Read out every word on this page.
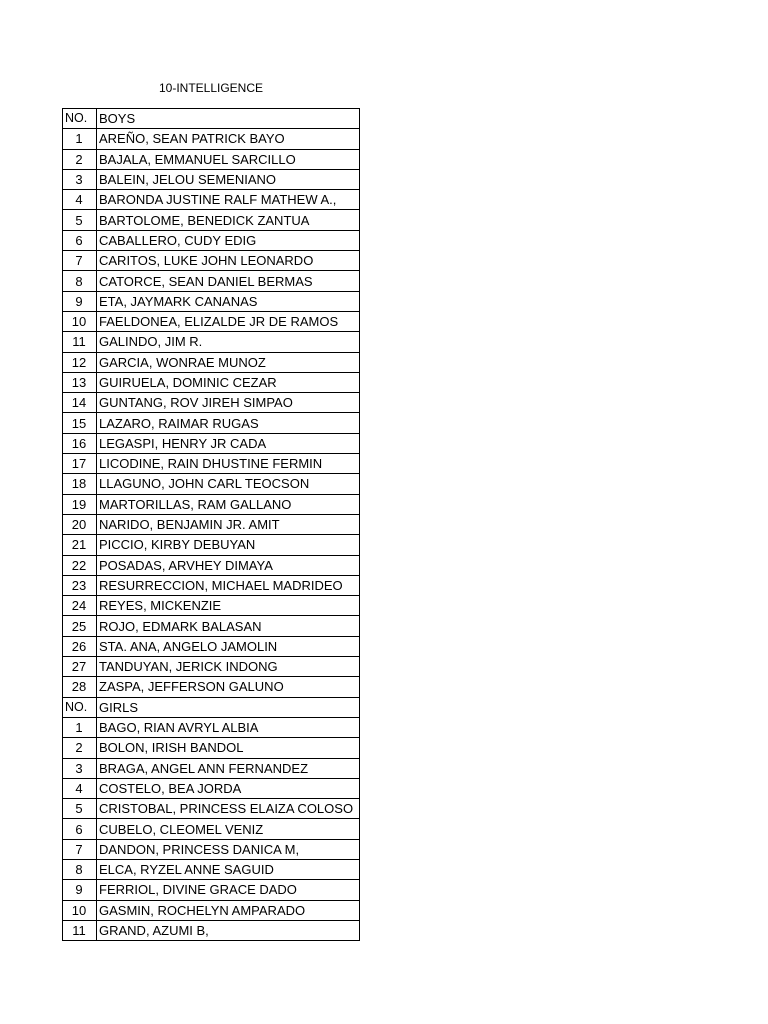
10-INTELLIGENCE
NO.	BOYS
1	AREÑO, SEAN PATRICK BAYO
2	BAJALA, EMMANUEL SARCILLO
3	BALEIN, JELOU SEMENIANO
4	BARONDA JUSTINE RALF MATHEW A.,
5	BARTOLOME, BENEDICK ZANTUA
6	CABALLERO, CUDY EDIG
7	CARITOS, LUKE JOHN LEONARDO
8	CATORCE, SEAN DANIEL BERMAS
9	ETA, JAYMARK CANANAS
10	FAELDONEA, ELIZALDE JR DE RAMOS
11	GALINDO, JIM R.
12	GARCIA, WONRAE MUNOZ
13	GUIRUELA, DOMINIC CEZAR
14	GUNTANG, ROV JIREH SIMPAO
15	LAZARO, RAIMAR RUGAS
16	LEGASPI, HENRY JR CADA
17	LICODINE, RAIN DHUSTINE FERMIN
18	LLAGUNO, JOHN CARL TEOCSON
19	MARTORILLAS, RAM GALLANO
20	NARIDO, BENJAMIN JR. AMIT
21	PICCIO, KIRBY DEBUYAN
22	POSADAS, ARVHEY DIMAYA
23	RESURRECCION, MICHAEL MADRIDEO
24	REYES, MICKENZIE
25	ROJO, EDMARK BALASAN
26	STA. ANA, ANGELO JAMOLIN
27	TANDUYAN, JERICK INDONG
28	ZASPA, JEFFERSON GALUNO
NO.	GIRLS
1	BAGO, RIAN AVRYL ALBIA
2	BOLON, IRISH BANDOL
3	BRAGA, ANGEL ANN FERNANDEZ
4	COSTELO, BEA JORDA
5	CRISTOBAL, PRINCESS ELAIZA COLOSO
6	CUBELO, CLEOMEL VENIZ
7	DANDON, PRINCESS DANICA M,
8	ELCA, RYZEL ANNE SAGUID
9	FERRIOL, DIVINE GRACE DADO
10	GASMIN, ROCHELYN AMPARADO
11	GRAND, AZUMI B,
